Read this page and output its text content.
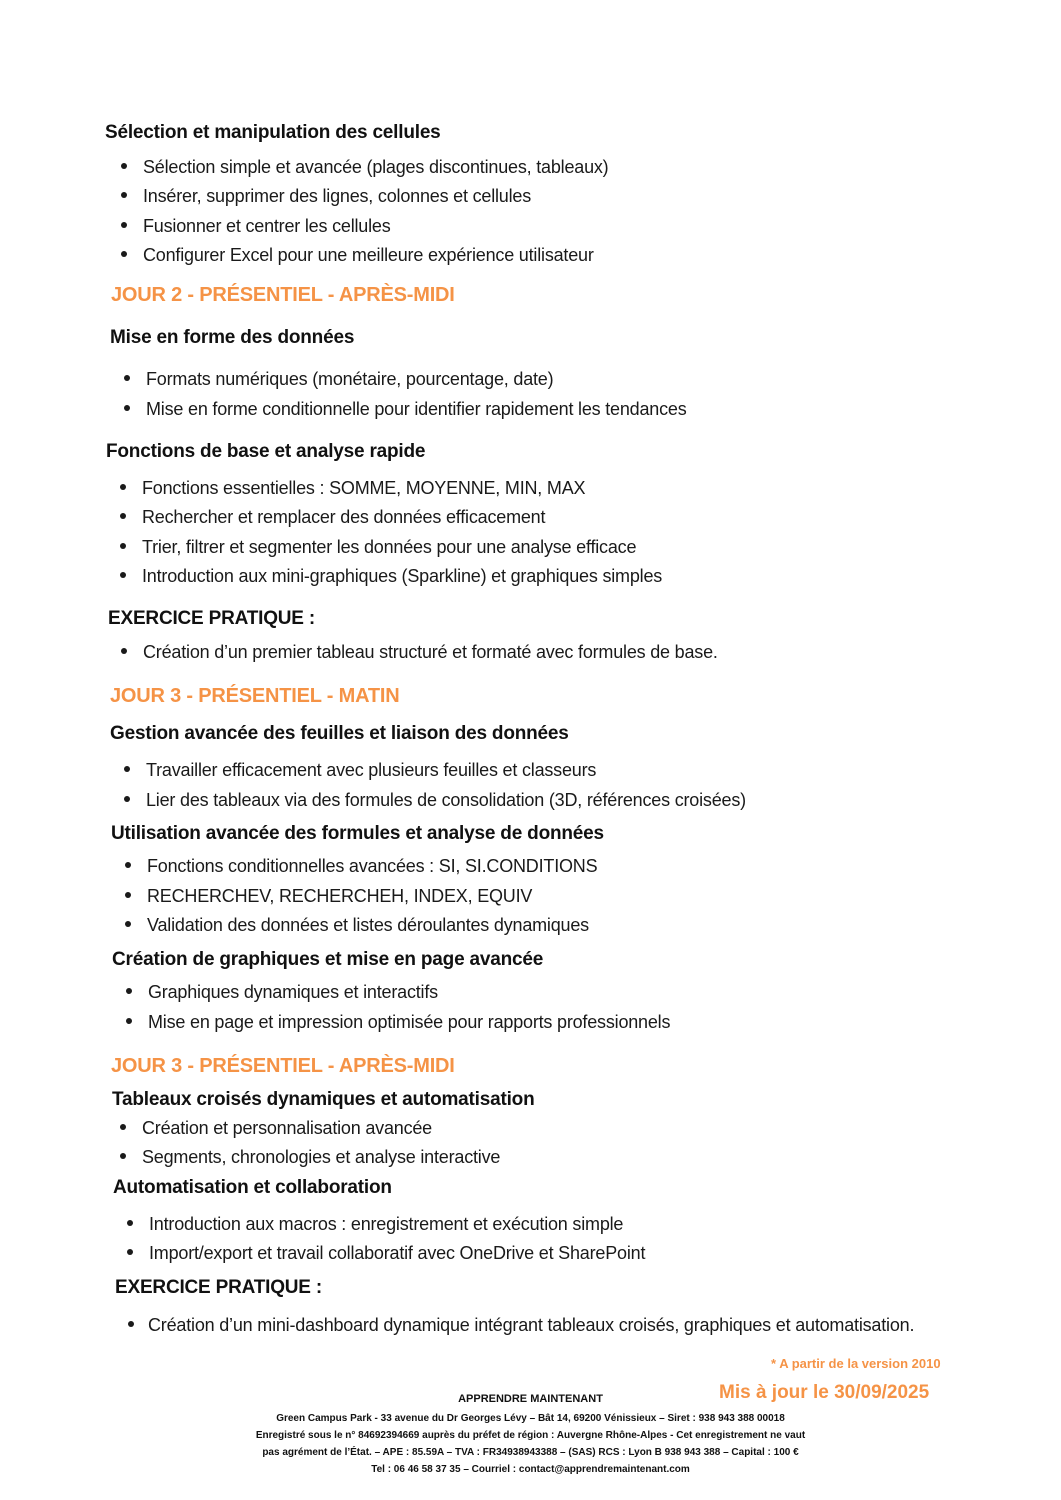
Sélection et manipulation des cellules
Sélection simple et avancée (plages discontinues, tableaux)
Insérer, supprimer des lignes, colonnes et cellules
Fusionner et centrer les cellules
Configurer Excel pour une meilleure expérience utilisateur
JOUR 2 - PRÉSENTIEL - APRÈS-MIDI
Mise en forme des données
Formats numériques (monétaire, pourcentage, date)
Mise en forme conditionnelle pour identifier rapidement les tendances
Fonctions de base et analyse rapide
Fonctions essentielles : SOMME, MOYENNE, MIN, MAX
Rechercher et remplacer des données efficacement
Trier, filtrer et segmenter les données pour une analyse efficace
Introduction aux mini-graphiques (Sparkline) et graphiques simples
EXERCICE PRATIQUE :
Création d’un premier tableau structuré et formaté avec formules de base.
JOUR 3 - PRÉSENTIEL - MATIN
Gestion avancée des feuilles et liaison des données
Travailler efficacement avec plusieurs feuilles et classeurs
Lier des tableaux via des formules de consolidation (3D, références croisées)
Utilisation avancée des formules et analyse de données
Fonctions conditionnelles avancées : SI, SI.CONDITIONS
RECHERCHEV, RECHERCHEH, INDEX, EQUIV
Validation des données et listes déroulantes dynamiques
Création de graphiques et mise en page avancée
Graphiques dynamiques et interactifs
Mise en page et impression optimisée pour rapports professionnels
JOUR 3 - PRÉSENTIEL - APRÈS-MIDI
Tableaux croisés dynamiques et automatisation
Création et personnalisation avancée
Segments, chronologies et analyse interactive
Automatisation et collaboration
Introduction aux macros : enregistrement et exécution simple
Import/export et travail collaboratif avec OneDrive et SharePoint
EXERCICE PRATIQUE :
Création d’un mini-dashboard dynamique intégrant tableaux croisés, graphiques et automatisation.
* A partir de la version 2010
Mis à jour le 30/09/2025
APPRENDRE MAINTENANT
Green Campus Park - 33 avenue du Dr Georges Lévy – Bât 14, 69200 Vénissieux – Siret : 938 943 388 00018
Enregistré sous le n° 84692394669 auprès du préfet de région : Auvergne Rhône-Alpes - Cet enregistrement ne vaut
pas agrément de l’État. – APE : 85.59A – TVA : FR34938943388 – (SAS) RCS : Lyon B 938 943 388 – Capital : 100 €
Tel : 06 46 58 37 35 – Courriel : contact@apprendremaintenant.com
